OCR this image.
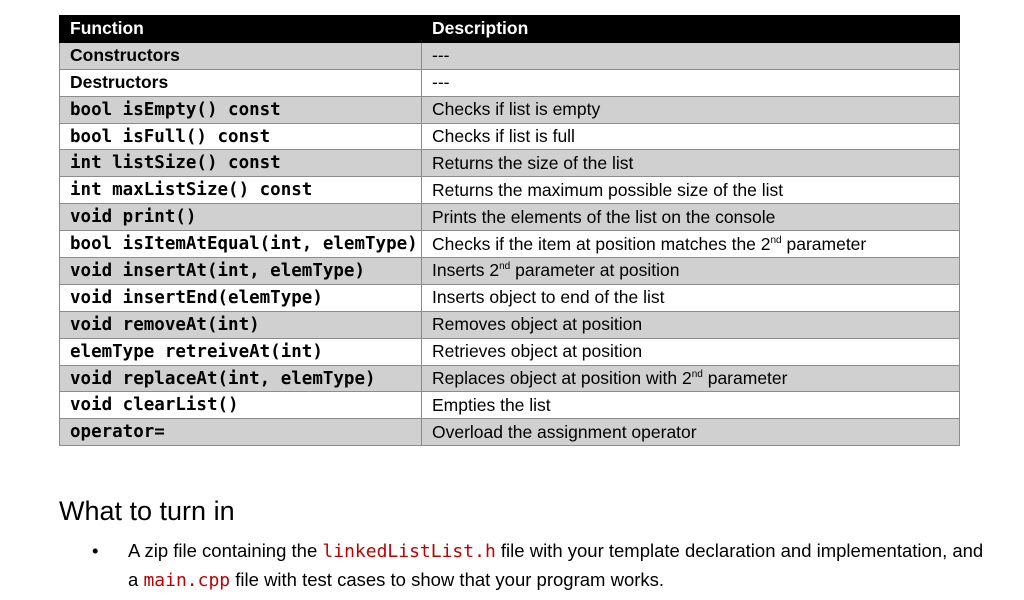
Function	Description
Constructors	---
Destructors	---
bool isEmpty() const	Checks if list is empty
bool isFull() const	Checks if list is full
int listSize() const	Returns the size of the list
int maxListSize() const	Returns the maximum possible size of the list
void print()	Prints the elements of the list on the console
bool isItemAtEqual(int, elemType)	Checks if the item at position matches the 2nd parameter
void insertAt(int, elemType)	Inserts 2nd parameter at position
void insertEnd(elemType)	Inserts object to end of the list
void removeAt(int)	Removes object at position
elemType retreiveAt(int)	Retrieves object at position
void replaceAt(int, elemType)	Replaces object at position with 2nd parameter
void clearList()	Empties the list
operator=	Overload the assignment operator
What to turn in
• A zip file containing the linkedListList.h file with your template declaration and implementation, and a main.cpp file with test cases to show that your program works.
